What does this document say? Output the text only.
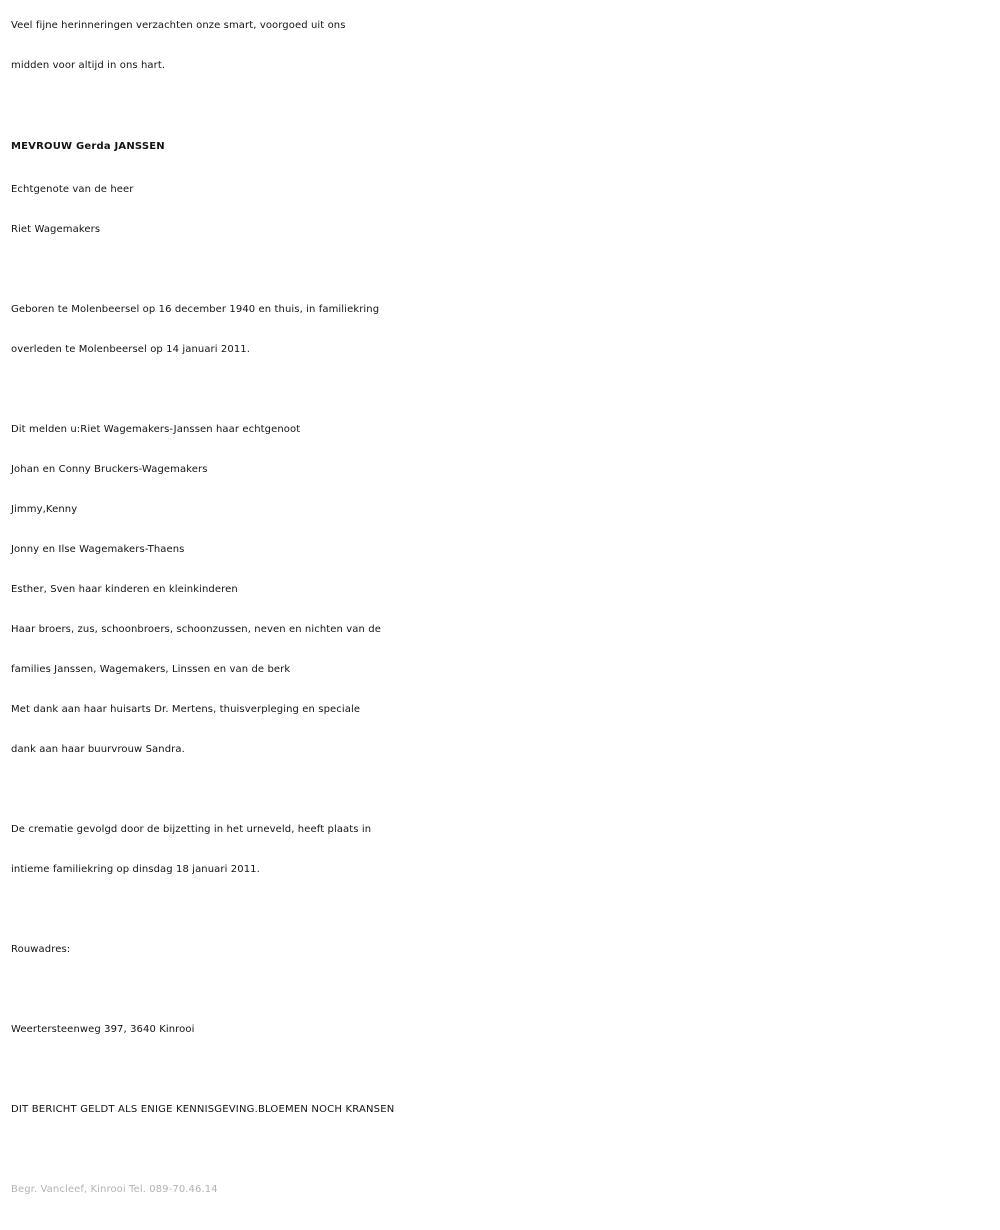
Veel fijne herinneringen verzachten onze smart, voorgoed uit ons
midden voor altijd in ons hart.
MEVROUW Gerda JANSSEN
Echtgenote van de heer
Riet Wagemakers
Geboren te Molenbeersel op 16 december 1940 en thuis, in familiekring
overleden te Molenbeersel op 14 januari 2011.
Dit melden u:Riet Wagemakers-Janssen haar echtgenoot
Johan en Conny Bruckers-Wagemakers
Jimmy,Kenny
Jonny en Ilse Wagemakers-Thaens
Esther, Sven haar kinderen en kleinkinderen
Haar broers, zus, schoonbroers, schoonzussen, neven en nichten van de
families Janssen, Wagemakers, Linssen en van de berk
Met dank aan haar huisarts Dr. Mertens, thuisverpleging en speciale
dank aan haar buurvrouw Sandra.
De crematie gevolgd door de bijzetting in het urneveld, heeft plaats in
intieme familiekring op dinsdag 18 januari 2011.
Rouwadres:
Weertersteenweg 397, 3640 Kinrooi
DIT BERICHT GELDT ALS ENIGE KENNISGEVING.BLOEMEN NOCH KRANSEN
Begr. Vancleef, Kinrooi Tel. 089-70.46.14
